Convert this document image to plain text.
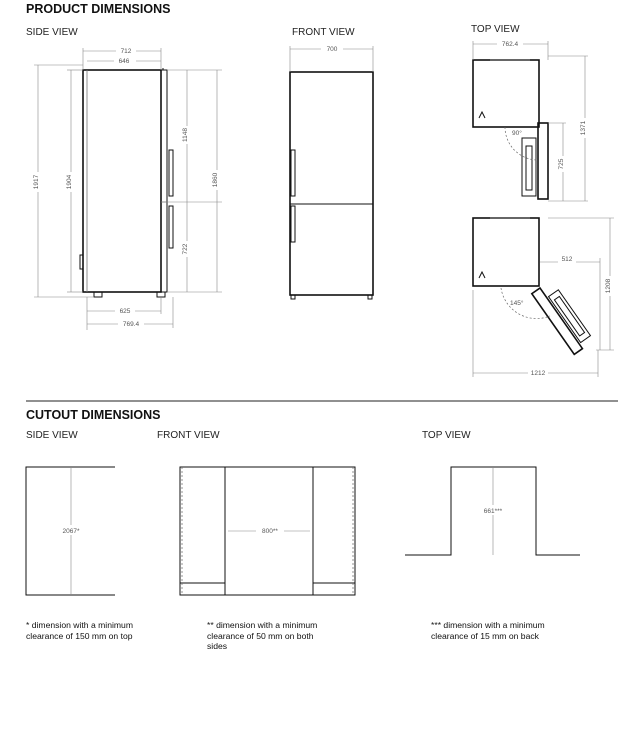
PRODUCT DIMENSIONS
SIDE VIEW	FRONT VIEW	TOP VIEW
CUTOUT DIMENSIONS
SIDE VIEW	FRONT VIEW	TOP VIEW
712
646
1917	1904
1148
722
1860
625
769.4
700
90°
762.4
1371
725
145°
512
1208
1212
2067*	800**
661***
* dimension with a minimum
clearance of 150 mm on top
** dimension with a minimum
clearance of 50 mm on both
sides
*** dimension with a minimum
clearance of 15 mm on back
